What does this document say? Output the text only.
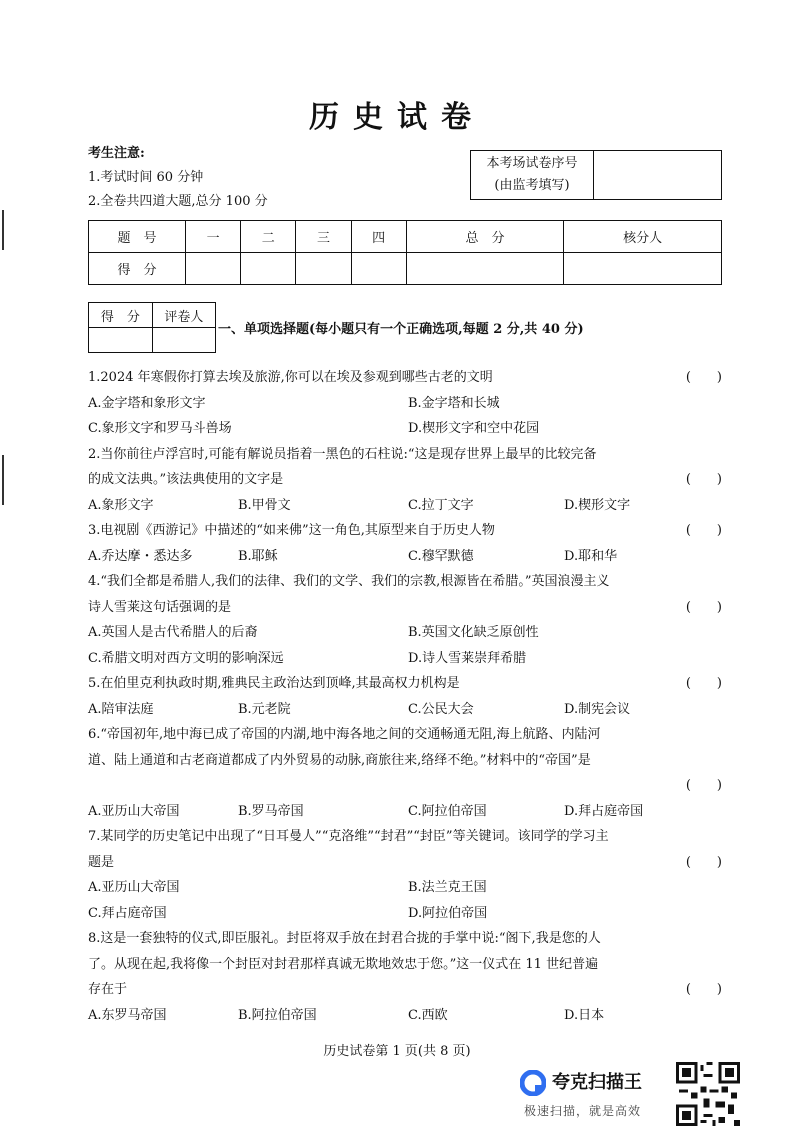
历史试卷
考生注意:
1.考试时间 60 分钟
2.全卷共四道大题,总分 100 分
本考场试卷序号
(由监考填写)

题　号	一	二	三	四	总　分	核分人
得　分						
得　分	评卷人

一、单项选择题(每小题只有一个正确选项,每题 2 分,共 40 分)
1.2024 年寒假你打算去埃及旅游,你可以在埃及参观到哪些古老的文明	(　　)
A.金字塔和象形文字	B.金字塔和长城
C.象形文字和罗马斗兽场	D.楔形文字和空中花园
2.当你前往卢浮宫时,可能有解说员指着一黑色的石柱说:“这是现存世界上最早的比较完备
的成文法典。”该法典使用的文字是	(　　)
A.象形文字	B.甲骨文	C.拉丁文字	D.楔形文字
3.电视剧《西游记》中描述的“如来佛”这一角色,其原型来自于历史人物	(　　)
A.乔达摩・悉达多	B.耶稣	C.穆罕默德	D.耶和华
4.“我们全都是希腊人,我们的法律、我们的文学、我们的宗教,根源皆在希腊。”英国浪漫主义
诗人雪莱这句话强调的是	(　　)
A.英国人是古代希腊人的后裔	B.英国文化缺乏原创性
C.希腊文明对西方文明的影响深远	D.诗人雪莱崇拜希腊
5.在伯里克利执政时期,雅典民主政治达到顶峰,其最高权力机构是	(　　)
A.陪审法庭	B.元老院	C.公民大会	D.制宪会议
6.“帝国初年,地中海已成了帝国的内湖,地中海各地之间的交通畅通无阻,海上航路、内陆河
道、陆上通道和古老商道都成了内外贸易的动脉,商旅往来,络绎不绝。”材料中的“帝国”是
(　　)
A.亚历山大帝国	B.罗马帝国	C.阿拉伯帝国	D.拜占庭帝国
7.某同学的历史笔记中出现了“日耳曼人”“克洛维”“封君”“封臣”等关键词。该同学的学习主
题是	(　　)
A.亚历山大帝国	B.法兰克王国
C.拜占庭帝国	D.阿拉伯帝国
8.这是一套独特的仪式,即臣服礼。封臣将双手放在封君合拢的手掌中说:“阁下,我是您的人
了。从现在起,我将像一个封臣对封君那样真诚无欺地效忠于您。”这一仪式在 11 世纪普遍
存在于	(　　)
A.东罗马帝国	B.阿拉伯帝国	C.西欧	D.日本
历史试卷第 1 页(共 8 页)
夸克扫描王
极速扫描，就是高效
